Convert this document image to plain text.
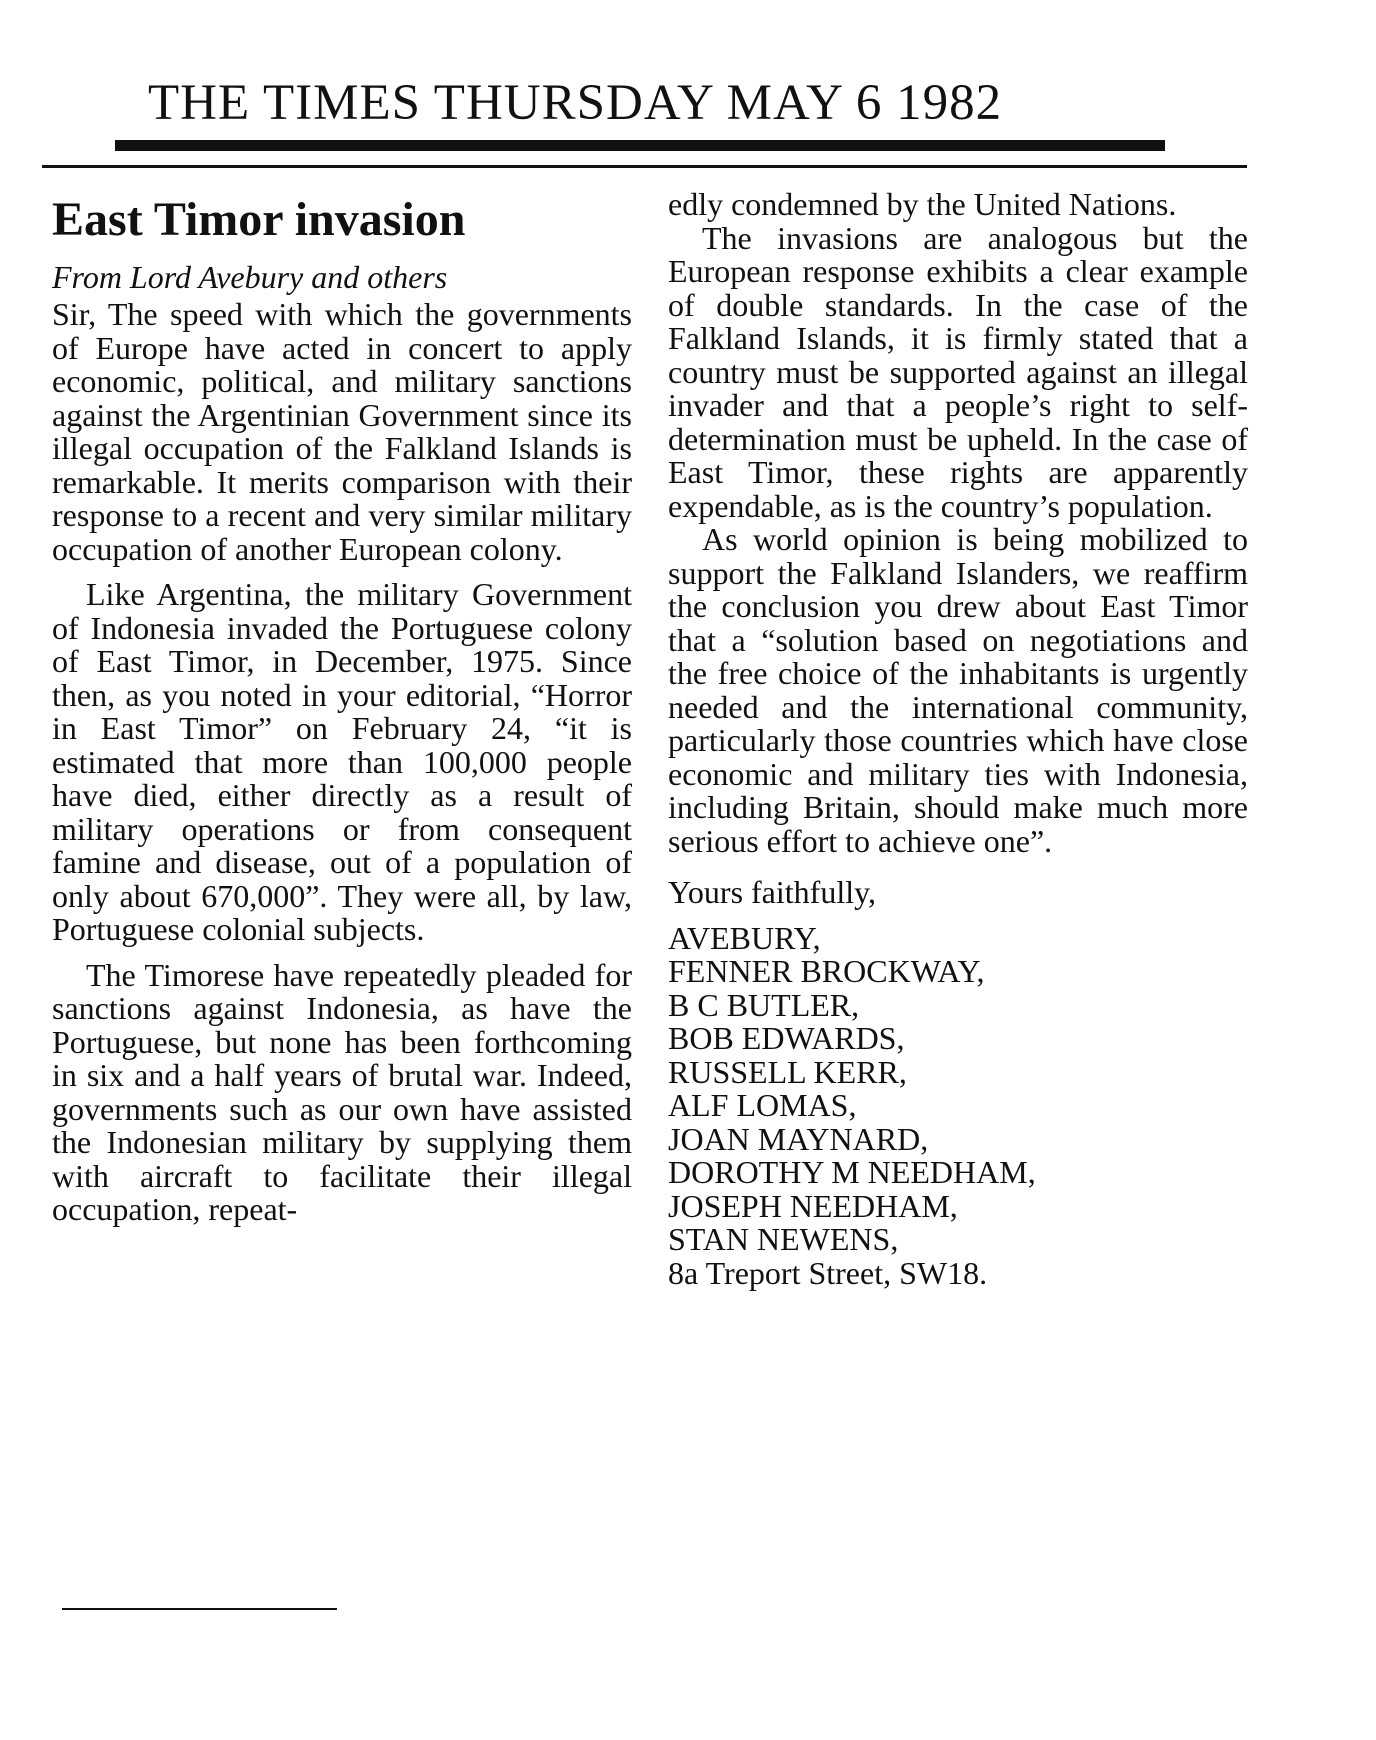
THE TIMES THURSDAY MAY 6 1982
East Timor invasion
From Lord Avebury and others

Sir, The speed with which the governments of Europe have acted in concert to apply economic, political, and military sanctions against the Argentinian Government since its illegal occupation of the Falkland Islands is remarkable. It merits comparison with their response to a recent and very similar military occupation of another European colony.

Like Argentina, the military Government of Indonesia invaded the Portuguese colony of East Timor, in December, 1975. Since then, as you noted in your editorial, “Horror in East Timor” on February 24, “it is estimated that more than 100,000 people have died, either directly as a result of military operations or from consequent famine and disease, out of a population of only about 670,000”. They were all, by law, Portuguese colonial subjects.

The Timorese have repeatedly pleaded for sanctions against Indonesia, as have the Portuguese, but none has been forthcoming in six and a half years of brutal war. Indeed, governments such as our own have assisted the Indonesian military by supplying them with aircraft to facilitate their illegal occupation, repeat-

edly condemned by the United Nations.

The invasions are analogous but the European response exhibits a clear example of double standards. In the case of the Falkland Islands, it is firmly stated that a country must be supported against an illegal invader and that a people’s right to self-determination must be upheld. In the case of East Timor, these rights are apparently expendable, as is the country’s population.

As world opinion is being mobilized to support the Falkland Islanders, we reaffirm the conclusion you drew about East Timor that a “solution based on negotiations and the free choice of the inhabitants is urgently needed and the international community, particularly those countries which have close economic and military ties with Indonesia, including Britain, should make much more serious effort to achieve one”.

Yours faithfully,
AVEBURY,
FENNER BROCKWAY,
B C BUTLER,
BOB EDWARDS,
RUSSELL KERR,
ALF LOMAS,
JOAN MAYNARD,
DOROTHY M NEEDHAM,
JOSEPH NEEDHAM,
STAN NEWENS,
8a Treport Street, SW18.
